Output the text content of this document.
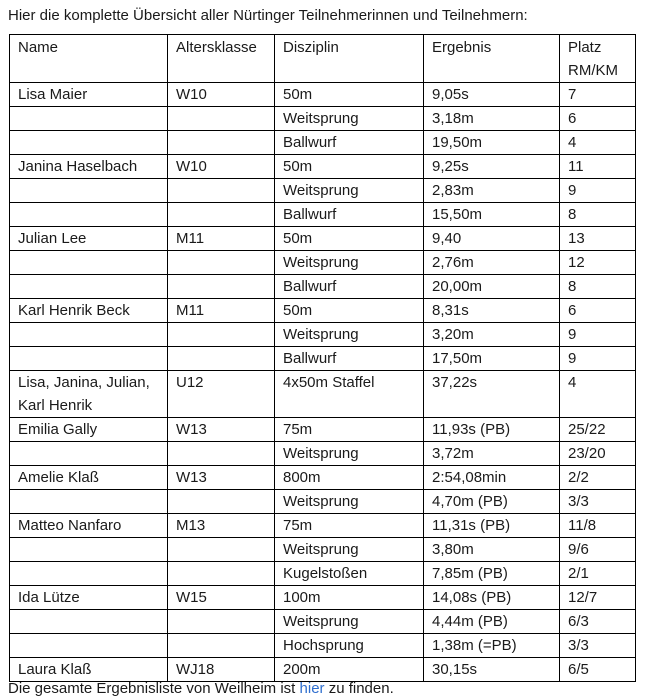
Hier die komplette Übersicht aller Nürtinger Teilnehmerinnen und Teilnehmern:
Name	Altersklasse	Disziplin	Ergebnis	Platz
RM/KM

Lisa Maier	W10	50m	9,05s	7
		Weitsprung	3,18m	6
		Ballwurf	19,50m	4
Janina Haselbach	W10	50m	9,25s	11
		Weitsprung	2,83m	9
		Ballwurf	15,50m	8
Julian Lee	M11	50m	9,40	13
		Weitsprung	2,76m	12
		Ballwurf	20,00m	8
Karl Henrik Beck	M11	50m	8,31s	6
		Weitsprung	3,20m	9
		Ballwurf	17,50m	9

Lisa, Janina, Julian,
Karl Henrik	U12	4x50m Staffel	37,22s	4
Emilia Gally	W13	75m	11,93s (PB)	25/22
		Weitsprung	3,72m	23/20
Amelie Klaß	W13	800m	2:54,08min	2/2
		Weitsprung	4,70m (PB)	3/3
Matteo Nanfaro	M13	75m	11,31s (PB)	11/8
		Weitsprung	3,80m	9/6
		Kugelstoßen	7,85m (PB)	2/1
Ida Lütze	W15	100m	14,08s (PB)	12/7
		Weitsprung	4,44m (PB)	6/3
		Hochsprung	1,38m (=PB)	3/3
Laura Klaß	WJ18	200m	30,15s	6/5
Die gesamte Ergebnisliste von Weilheim ist hier zu finden.
